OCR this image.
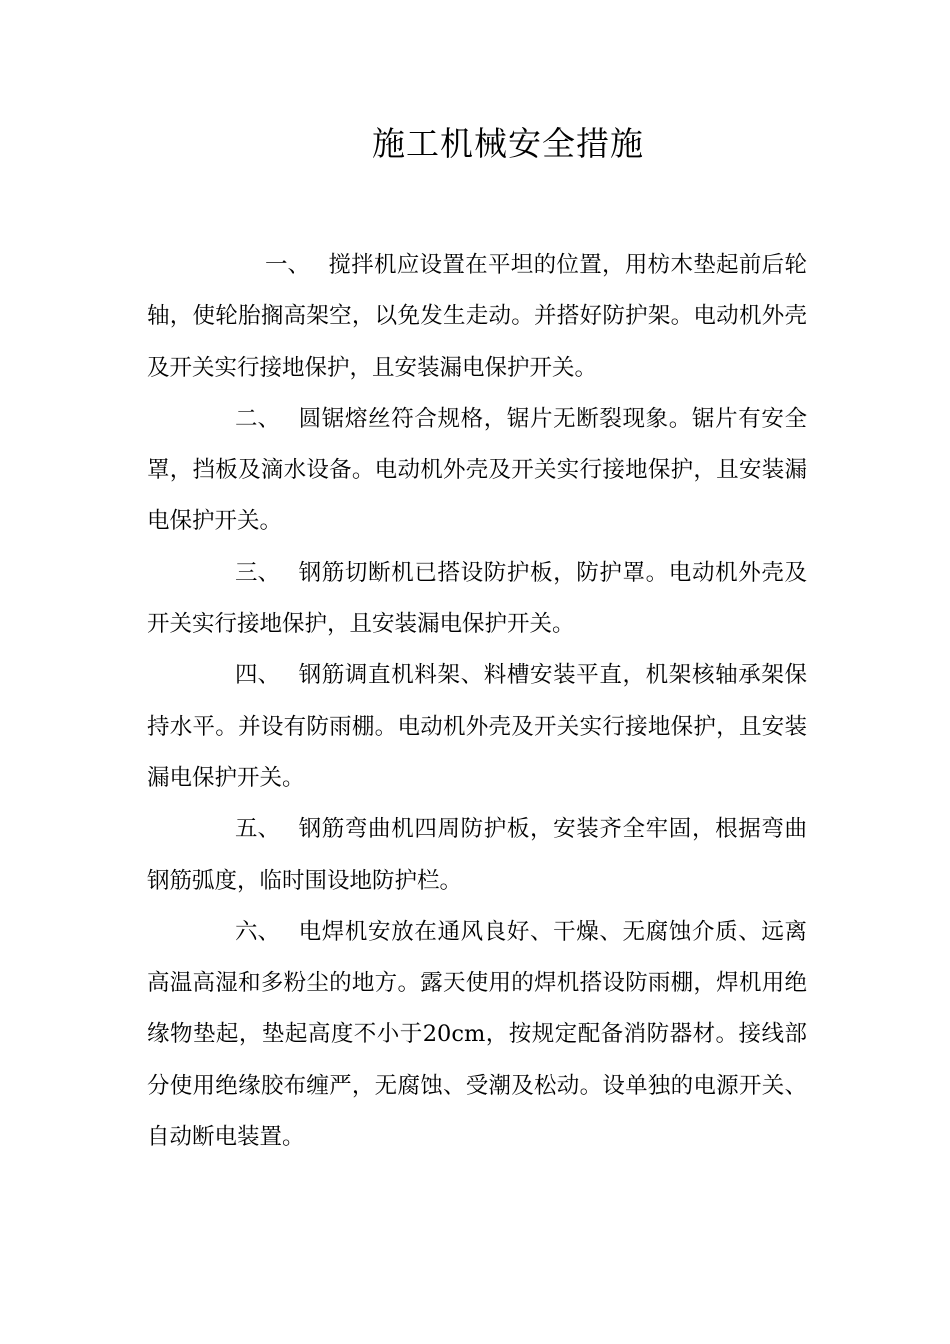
施工机械安全措施

一、 搅拌机应设置在平坦的位置，用枋木垫起前后轮轴，使轮胎搁高架空，以免发生走动。并搭好防护架。电动机外壳及开关实行接地保护，且安装漏电保护开关。

二、 圆锯熔丝符合规格，锯片无断裂现象。锯片有安全罩，挡板及滴水设备。电动机外壳及开关实行接地保护，且安装漏电保护开关。

三、 钢筋切断机已搭设防护板，防护罩。电动机外壳及开关实行接地保护，且安装漏电保护开关。

四、 钢筋调直机料架、料槽安装平直，机架核轴承架保持水平。并设有防雨棚。电动机外壳及开关实行接地保护，且安装漏电保护开关。

五、 钢筋弯曲机四周防护板，安装齐全牢固，根据弯曲钢筋弧度，临时围设地防护栏。

六、 电焊机安放在通风良好、干燥、无腐蚀介质、远离高温高湿和多粉尘的地方。露天使用的焊机搭设防雨棚，焊机用绝缘物垫起，垫起高度不小于20cm，按规定配备消防器材。接线部分使用绝缘胶布缠严，无腐蚀、受潮及松动。设单独的电源开关、自动断电装置。
